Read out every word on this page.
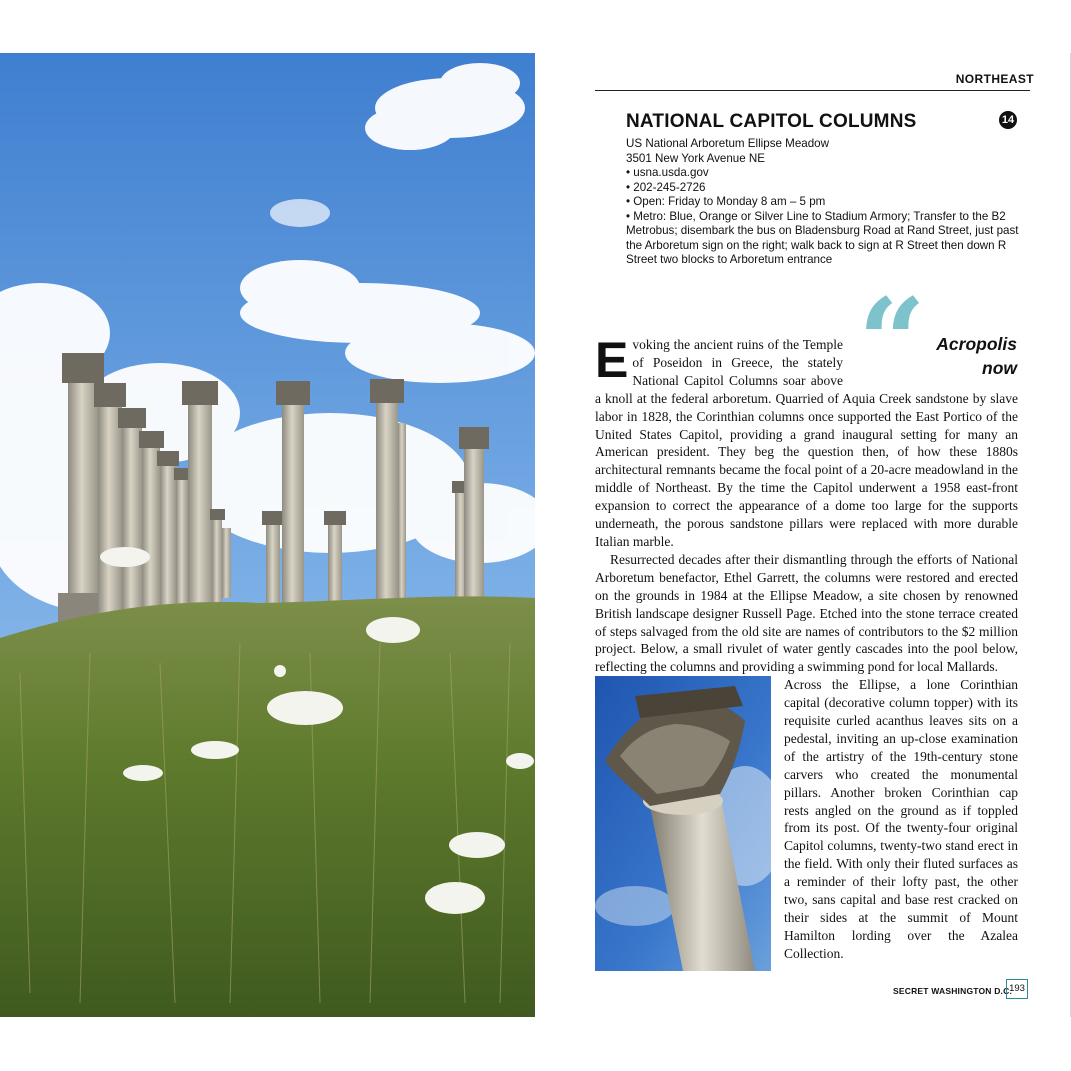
NORTHEAST
NATIONAL CAPITOL COLUMNS	14
US National Arboretum Ellipse Meadow
3501 New York Avenue NE
• usna.usda.gov
• 202-245-2726
• Open: Friday to Monday 8 am – 5 pm
• Metro: Blue, Orange or Silver Line to Stadium Armory; Transfer to the B2 Metrobus; disembark the bus on Bladensburg Road at Rand Street, just past the Arboretum sign on the right; walk back to sign at R Street then down R Street two blocks to Arboretum entrance
“ Acropolis
now

Evoking the ancient ruins of the Temple of Poseidon in Greece, the stately National Capitol Columns soar above a knoll at the federal arboretum. Quarried of Aquia Creek sandstone by slave labor in 1828, the Corinthian columns once supported the East Portico of the United States Capitol, providing a grand inaugural setting for many an American president. They beg the question then, of how these 1880s architectural remnants became the focal point of a 20-acre meadowland in the middle of Northeast. By the time the Capitol underwent a 1958 east-front expansion to correct the appearance of a dome too large for the supports underneath, the porous sandstone pillars were replaced with more durable Italian marble.

Resurrected decades after their dismantling through the efforts of National Arboretum benefactor, Ethel Garrett, the columns were restored and erected on the grounds in 1984 at the Ellipse Meadow, a site chosen by renowned British landscape designer Russell Page. Etched into the stone terrace created of steps salvaged from the old site are names of contributors to the $2 million project. Below, a small rivulet of water gently cascades into the pool below, reflecting the columns and providing a swimming pond for local Mallards.

Across the Ellipse, a lone Corinthian capital (decorative column topper) with its requisite curled acanthus leaves sits on a pedestal, inviting an up-close examination of the artistry of the 19th-century stone carvers who created the monumental pillars. Another broken Corinthian cap rests angled on the ground as if toppled from its post. Of the twenty-four original Capitol columns, twenty-two stand erect in the field. With only their fluted surfaces as a reminder of their lofty past, the other two, sans capital and base rest cracked on their sides at the summit of Mount Hamilton lording over the Azalea Collection.

SECRET WASHINGTON D.C.
193
